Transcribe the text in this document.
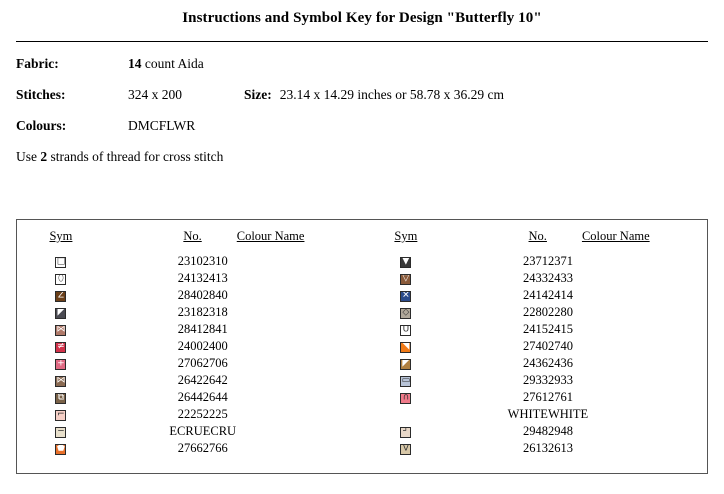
Instructions and Symbol Key for Design "Butterfly 10"
Fabric:	14 count Aida
Stitches:	324 x 200	Size: 23.14 x 14.29 inches or 58.78 x 36.29 cm
Colours:	DMCFLWR
Use 2 strands of thread for cross stitch
Sym	No.	Colour Name

□	2310	2310

⬯	2413	2413

Z	2840	2840

◤	2318	2318

⋈	2841	2841

≠	2400	2400

+	2706	2706

⋈	2642	2642

⧉	2644	2644

⌐	2225	2225

─	ECRU	ECRU

⬟	2766	2766
Sym	No.	Colour Name

▼	2371	2371

▽	2433	2433

✕	2414	2414

◇	2280	2280

U	2415	2415

◥	2740	2740

◤	2436	2436

▭	2933	2933

∩	2761	2761
	WHITE	WHITE

┘	2948	2948

∇	2613	2613
